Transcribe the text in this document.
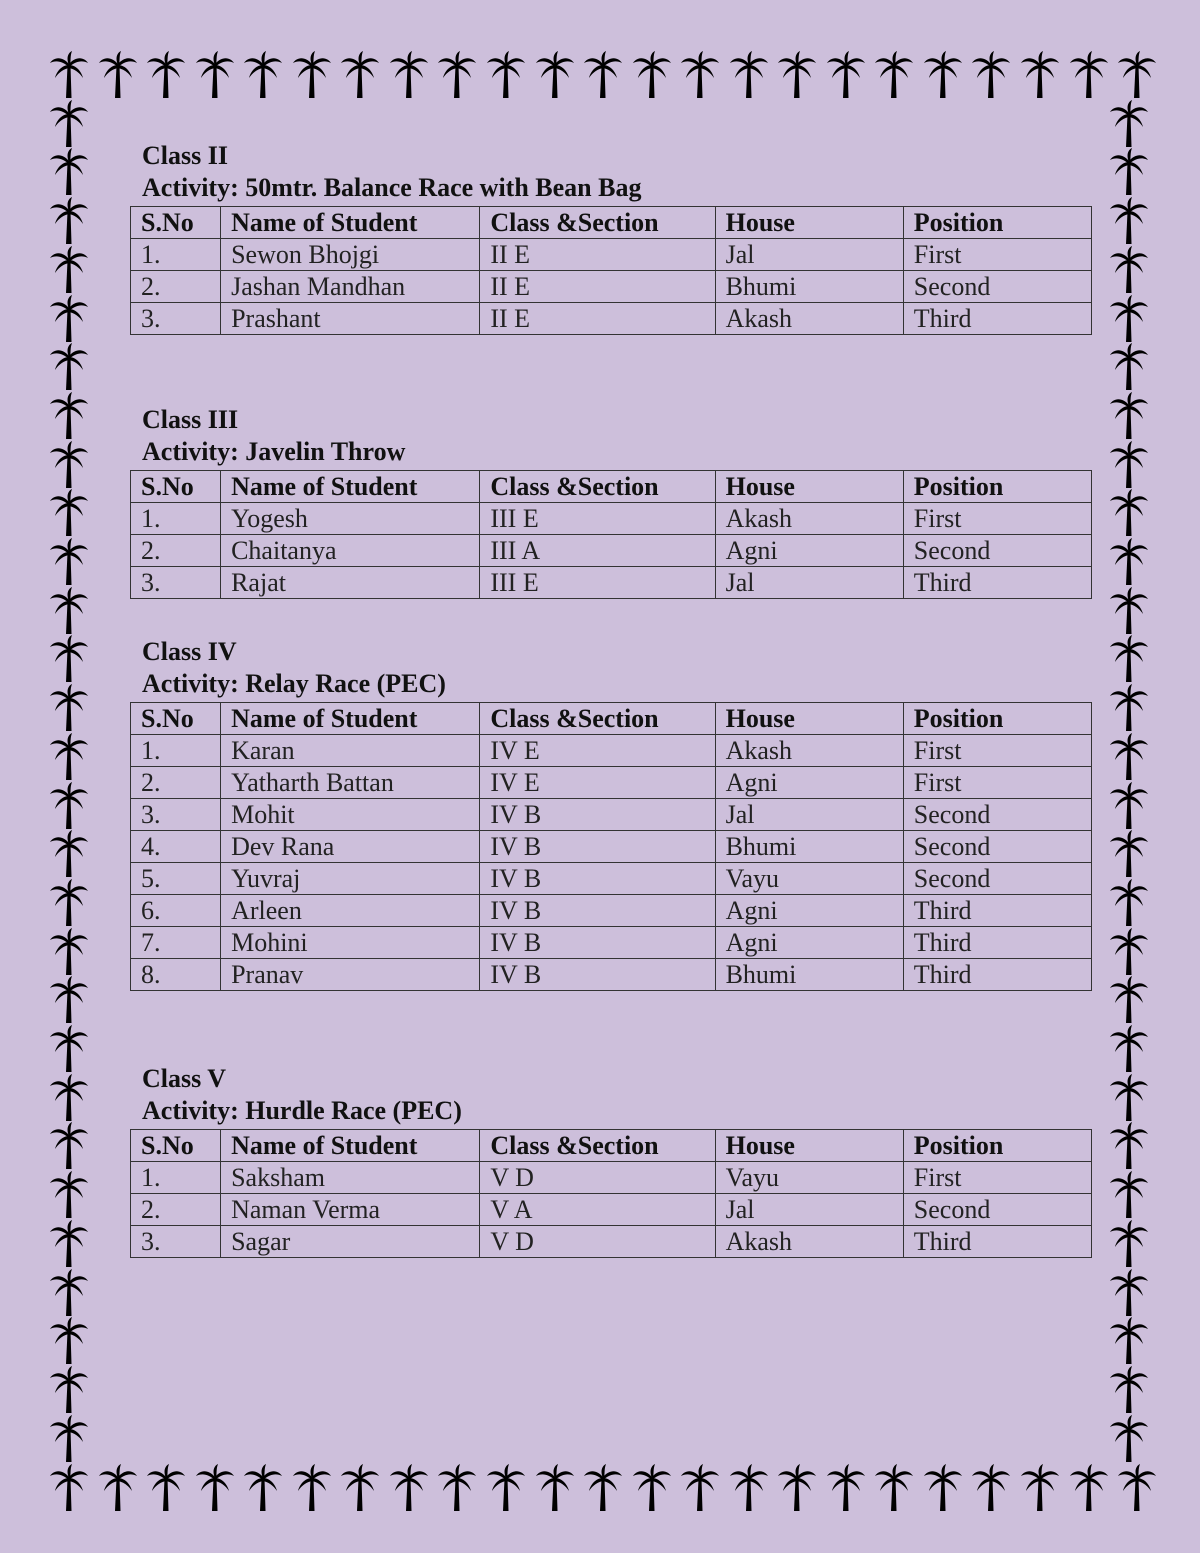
Class II
Activity: 50mtr. Balance Race with Bean Bag
S.No	Name of Student	Class &Section	House	Position
1.	Sewon Bhojgi	II E	Jal	First
2.	Jashan Mandhan	II E	Bhumi	Second
3.	Prashant	II E	Akash	Third
Class III
Activity: Javelin Throw
S.No	Name of Student	Class &Section	House	Position
1.	Yogesh	III E	Akash	First
2.	Chaitanya	III A	Agni	Second
3.	Rajat	III E	Jal	Third
Class IV
Activity: Relay Race (PEC)
S.No	Name of Student	Class &Section	House	Position
1.	Karan	IV E	Akash	First
2.	Yatharth Battan	IV E	Agni	First
3.	Mohit	IV B	Jal	Second
4.	Dev Rana	IV B	Bhumi	Second
5.	Yuvraj	IV B	Vayu	Second
6.	Arleen	IV B	Agni	Third
7.	Mohini	IV B	Agni	Third
8.	Pranav	IV B	Bhumi	Third
Class V
Activity: Hurdle Race (PEC)
S.No	Name of Student	Class &Section	House	Position
1.	Saksham	V D	Vayu	First
2.	Naman Verma	V A	Jal	Second
3.	Sagar	V D	Akash	Third
